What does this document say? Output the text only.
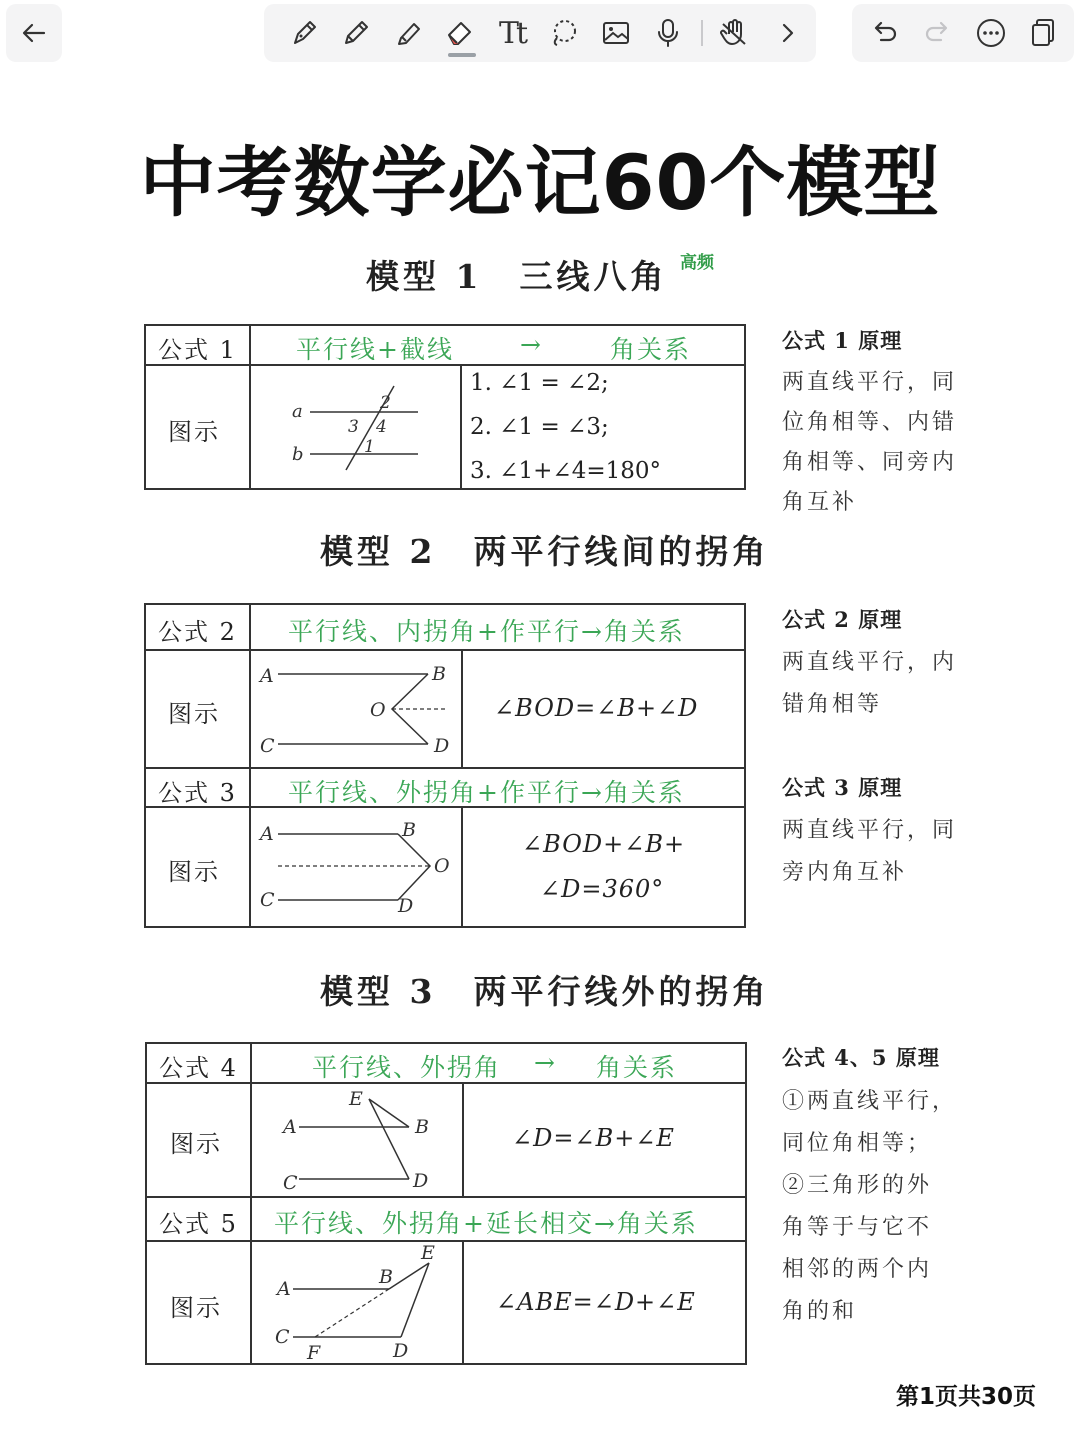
Tt
中考数学必记60个模型
模型 1　三线八角 高频
公式 1 平行线+截线	→	角关系
图示
a
b	1
2
3 4
1. ∠1 = ∠2;
2. ∠1 = ∠3;
3. ∠1+∠4=180°
公式 1 原理
两直线平行，同
位角相等、内错
角相等、同旁内
角互补
模型 2　两平行线间的拐角
公式 2 平行线、内拐角+作平行→角关系
图示
A	B
O
C	D
∠BOD=∠B+∠D
公式 3 平行线、外拐角+作平行→角关系
图示
A	B
O
C	D
∠BOD+∠B+
∠D=360°
公式 2 原理
两直线平行，内
错角相等
公式 3 原理
两直线平行，同
旁内角互补
模型 3　两平行线外的拐角
公式 4	平行线、外拐角 → 角关系
图示
E
A	B
C	D
∠D=∠B+∠E
公式 5 平行线、外拐角+延长相交→角关系
图示
E
B
A
C
F	D
∠ABE=∠D+∠E
公式 4、5 原理
①两直线平行，
同位角相等；
②三角形的外
角等于与它不
相邻的两个内
角的和
第1页共30页
